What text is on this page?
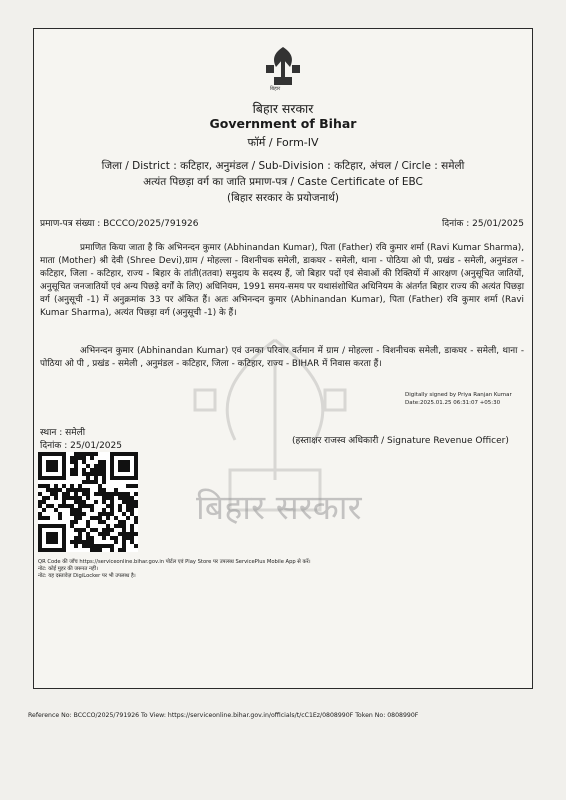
बिहार सरकार
बिहार
बिहार सरकार
Government of Bihar
फॉर्म / Form-IV
जिला / District : कटिहार, अनुमंडल / Sub-Division : कटिहार, अंचल / Circle : समेली
अत्यंत पिछड़ा वर्ग का जाति प्रमाण-पत्र / Caste Certificate of EBC
(बिहार सरकार के प्रयोजनार्थ)
प्रमाण-पत्र संख्या : BCCCO/2025/791926	दिनांक : 25/01/2025
प्रमाणित किया जाता है कि अभिनन्दन कुमार (Abhinandan Kumar), पिता (Father) रवि कुमार शर्मा (Ravi Kumar Sharma), माता (Mother) श्री देवी (Shree Devi),ग्राम / मोहल्ला - विशनीचक समेली, डाकघर - समेली, थाना - पोठिया ओ पी, प्रखंड - समेली, अनुमंडल - कटिहार, जिला - कटिहार, राज्य - बिहार के तांती(ततवा) समुदाय के सदस्य हैं, जो बिहार पदों एवं सेवाओं की रिक्तियों में आरक्षण (अनुसूचित जातियों, अनुसूचित जनजातियों एवं अन्य पिछड़े वर्गों के लिए) अधिनियम, 1991 समय-समय पर यथासंशोधित अधिनियम के अंतर्गत बिहार राज्य की अत्यंत पिछड़ा वर्ग (अनुसूची -1) में अनुक्रमांक 33 पर अंकित हैं। अतः अभिनन्दन कुमार (Abhinandan Kumar), पिता (Father) रवि कुमार शर्मा (Ravi Kumar Sharma), अत्यंत पिछड़ा वर्ग (अनुसूची -1) के हैं।
अभिनन्दन कुमार (Abhinandan Kumar) एवं उनका परिवार वर्तमान में ग्राम / मोहल्ला - विशनीचक समेली, डाकघर - समेली, थाना - पोठिया ओ पी , प्रखंड - समेली , अनुमंडल - कटिहार, जिला - कटिहार, राज्य - BIHAR में निवास करता हैं।
Digitally signed by Priya Ranjan Kumar
Date:2025.01.25 06:31:07 +05:30
स्थान : समेली
दिनांक : 25/01/2025	(हस्ताक्षर राजस्व अधिकारी / Signature Revenue Officer)
QR Code की जाँच https://serviceonline.bihar.gov.in पोर्टल एवं Play Store पर उपलब्ध ServicePlus Mobile App से करें।
नोट: कोई मुहर की जरूरत नहीं।
नोट: यह दस्तावेज़ DigiLocker पर भी उपलब्ध है।
Reference No: BCCCO/2025/791926 To View: https://serviceonline.bihar.gov.in/officials/t/cC1Ez/0808990F Token No: 0808990F
